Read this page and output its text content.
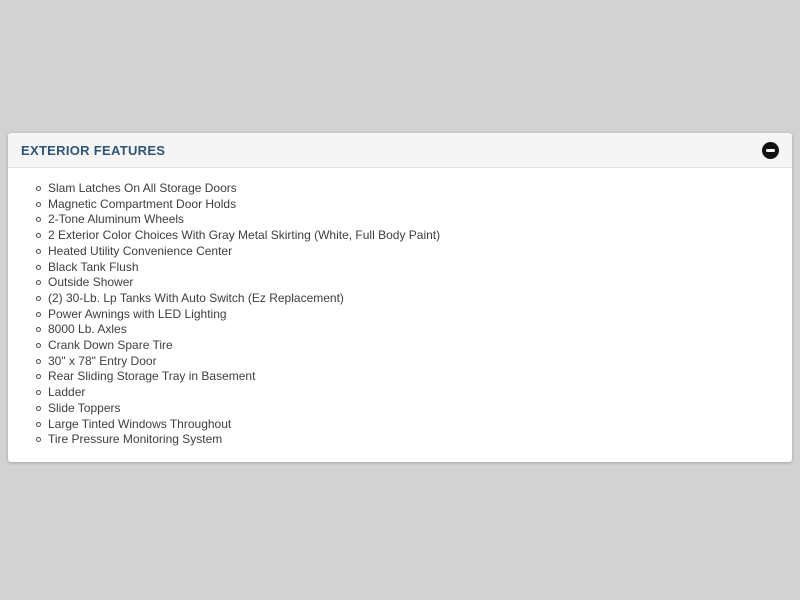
EXTERIOR FEATURES
Slam Latches On All Storage Doors
Magnetic Compartment Door Holds
2-Tone Aluminum Wheels
2 Exterior Color Choices With Gray Metal Skirting (White, Full Body Paint)
Heated Utility Convenience Center
Black Tank Flush
Outside Shower
(2) 30-Lb. Lp Tanks With Auto Switch (Ez Replacement)
Power Awnings with LED Lighting
8000 Lb. Axles
Crank Down Spare Tire
30" x 78" Entry Door
Rear Sliding Storage Tray in Basement
Ladder
Slide Toppers
Large Tinted Windows Throughout
Tire Pressure Monitoring System
